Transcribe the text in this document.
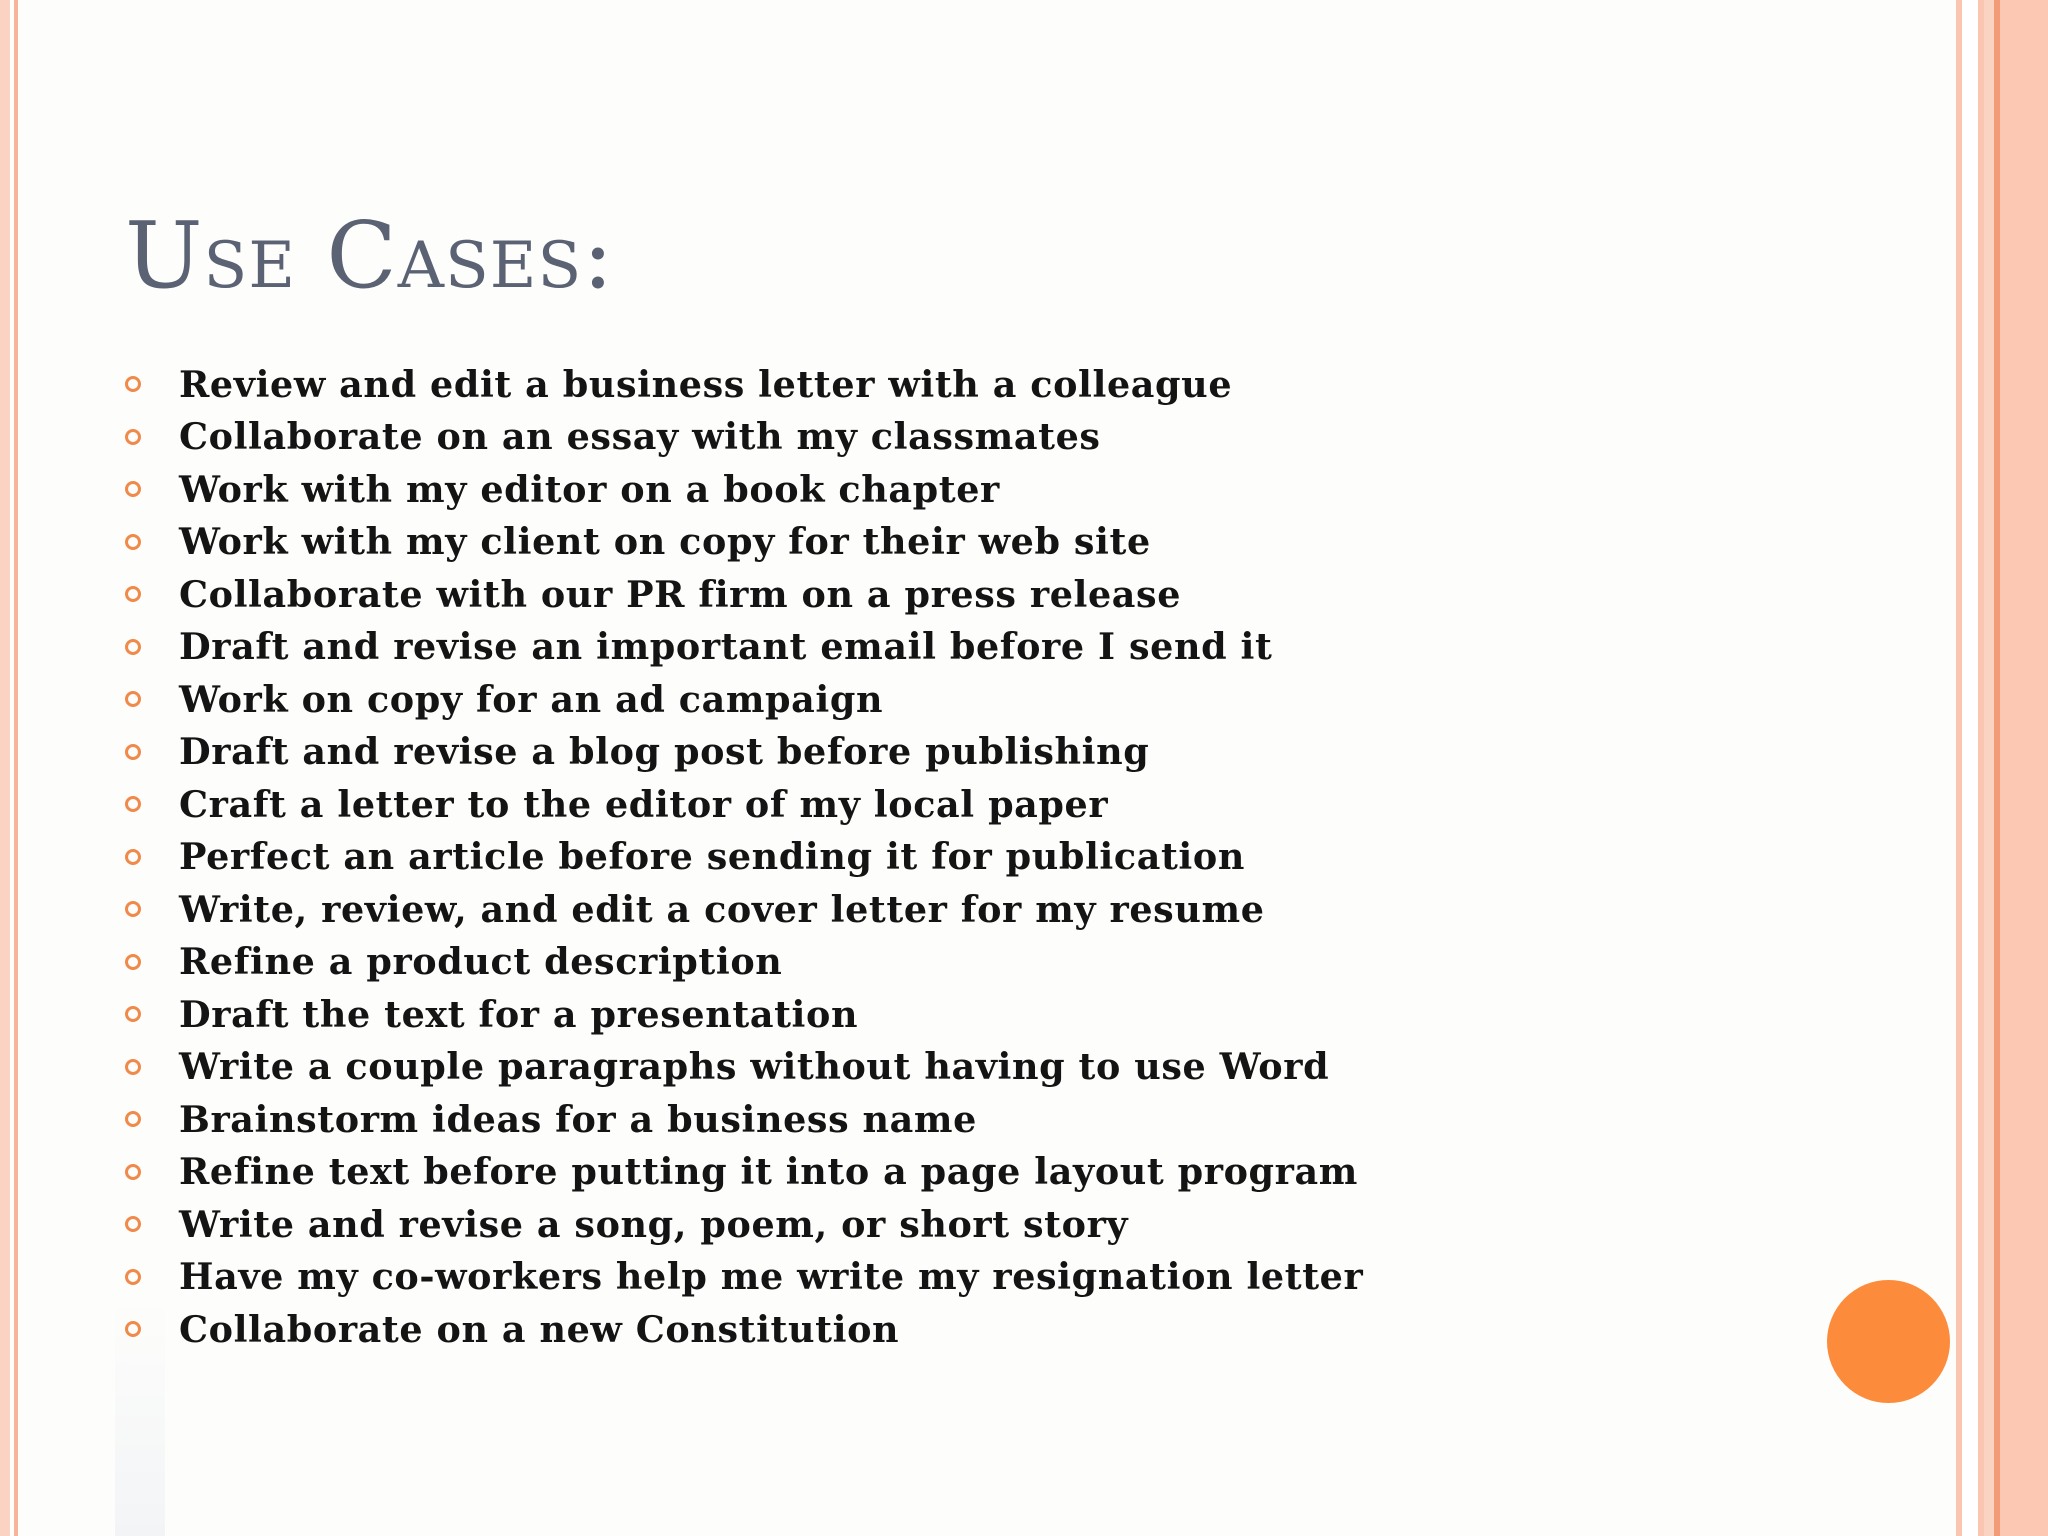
Use Cases:
Review and edit a business letter with a colleague
Collaborate on an essay with my classmates
Work with my editor on a book chapter
Work with my client on copy for their web site
Collaborate with our PR firm on a press release
Draft and revise an important email before I send it
Work on copy for an ad campaign
Draft and revise a blog post before publishing
Craft a letter to the editor of my local paper
Perfect an article before sending it for publication
Write, review, and edit a cover letter for my resume
Refine a product description
Draft the text for a presentation
Write a couple paragraphs without having to use Word
Brainstorm ideas for a business name
Refine text before putting it into a page layout program
Write and revise a song, poem, or short story
Have my co-workers help me write my resignation letter
Collaborate on a new Constitution
